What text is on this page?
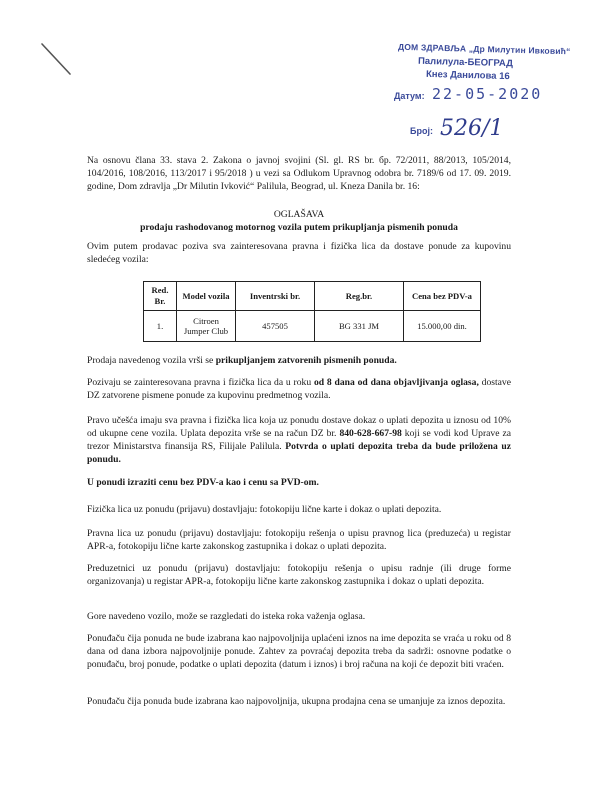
ДОМ ЗДРАВЉА „Др Милутин Ивковић“
Палилула-БЕОГРАД
Кнез Данилова 16
Датум: 22-05-2020
Број: 526/1
Na osnovu člana 33. stava 2. Zakona o javnoj svojini (Sl. gl. RS br. бр. 72/2011, 88/2013, 105/2014, 104/2016, 108/2016, 113/2017 i 95/2018 ) u vezi sa Odlukom Upravnog odobra br. 7189/6 od 17. 09. 2019. godine, Dom zdravlja „Dr Milutin Ivković“ Palilula, Beograd, ul. Kneza Danila br. 16:
OGLAŠAVA
prodaju rashodovanog motornog vozila putem prikupljanja pismenih ponuda
Ovim putem prodavac poziva sva zainteresovana pravna i fizička lica da dostave ponude za kupovinu sledećeg vozila:
Red. Br.	Model vozila	Inventrski br.	Reg.br.	Cena bez PDV-a
1.	Citroen Jumper Club	457505	BG 331 JM	15.000,00 din.
Prodaja navedenog vozila vrši se prikupljanjem zatvorenih pismenih ponuda.
Pozivaju se zainteresovana pravna i fizička lica da u roku od 8 dana od dana objavljivanja oglasa, dostave DZ zatvorene pismene ponude za kupovinu predmetnog vozila.
Pravo učešća imaju sva pravna i fizička lica koja uz ponudu dostave dokaz o uplati depozita u iznosu od 10% od ukupne cene vozila. Uplata depozita vrše se na račun DZ br. 840-628-667-98 koji se vodi kod Uprave za trezor Ministarstva finansija RS, Filijale Palilula. Potvrda o uplati depozita treba da bude priložena uz ponudu.
U ponudi izraziti cenu bez PDV-a kao i cenu sa PVD-om.
Fizička lica uz ponudu (prijavu) dostavljaju: fotokopiju lične karte i dokaz o uplati depozita.
Pravna lica uz ponudu (prijavu) dostavljaju: fotokopiju rešenja o upisu pravnog lica (preduzeća) u registar APR-a, fotokopiju lične karte zakonskog zastupnika i dokaz o uplati depozita.
Preduzetnici uz ponudu (prijavu) dostavljaju: fotokopiju rešenja o upisu radnje (ili druge forme organizovanja) u registar APR-a, fotokopiju lične karte zakonskog zastupnika i dokaz o uplati depozita.
Gore navedeno vozilo, može se razgledati do isteka roka važenja oglasa.
Ponuđaču čija ponuda ne bude izabrana kao najpovoljnija uplaćeni iznos na ime depozita se vraća u roku od 8 dana od dana izbora najpovoljnije ponude. Zahtev za povraćaj depozita treba da sadrži: osnovne podatke o ponuđaču, broj ponude, podatke o uplati depozita (datum i iznos) i broj računa na koji će depozit biti vraćen.
Ponuđaču čija ponuda bude izabrana kao najpovoljnija, ukupna prodajna cena se umanjuje za iznos depozita.
